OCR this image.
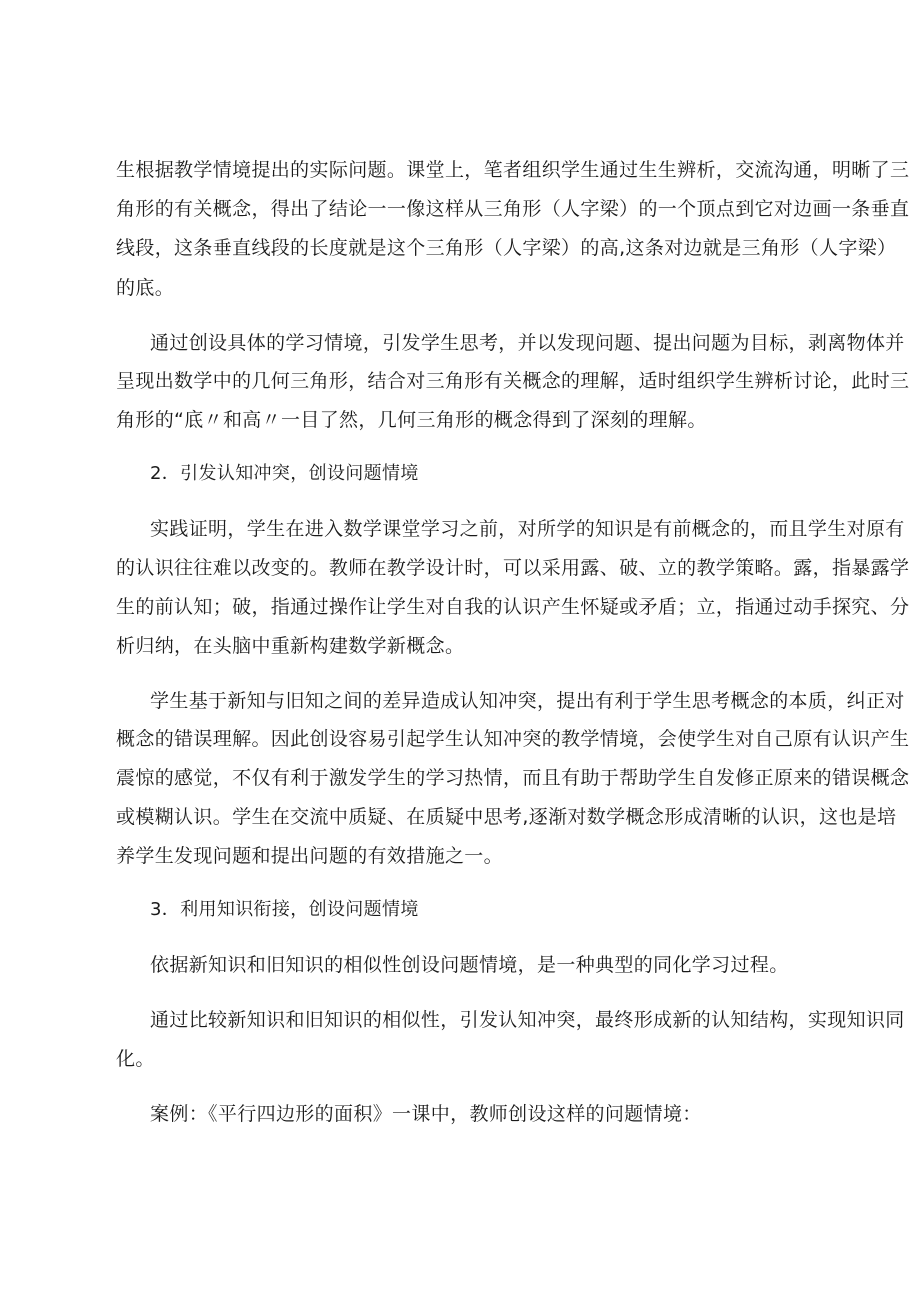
生根据教学情境提出的实际问题。课堂上，笔者组织学生通过生生辨析，交流沟通，明晰了三

角形的有关概念，得出了结论一一像这样从三角形（人字梁）的一个顶点到它对边画一条垂直

线段，这条垂直线段的长度就是这个三角形（人字梁）的高,这条对边就是三角形（人字梁）

的底。

通过创设具体的学习情境，引发学生思考，并以发现问题、提出问题为目标，剥离物体并

呈现出数学中的几何三角形，结合对三角形有关概念的理解，适时组织学生辨析讨论，此时三

角形的“底〃和高〃一目了然，几何三角形的概念得到了深刻的理解。

2．引发认知冲突，创设问题情境

实践证明，学生在进入数学课堂学习之前，对所学的知识是有前概念的，而且学生对原有

的认识往往难以改变的。教师在教学设计时，可以采用露、破、立的教学策略。露，指暴露学

生的前认知；破，指通过操作让学生对自我的认识产生怀疑或矛盾；立，指通过动手探究、分

析归纳，在头脑中重新构建数学新概念。

学生基于新知与旧知之间的差异造成认知冲突，提出有利于学生思考概念的本质，纠正对

概念的错误理解。因此创设容易引起学生认知冲突的教学情境，会使学生对自己原有认识产生

震惊的感觉，不仅有利于激发学生的学习热情，而且有助于帮助学生自发修正原来的错误概念

或模糊认识。学生在交流中质疑、在质疑中思考,逐渐对数学概念形成清晰的认识，这也是培

养学生发现问题和提出问题的有效措施之一。

3．利用知识衔接，创设问题情境

依据新知识和旧知识的相似性创设问题情境，是一种典型的同化学习过程。

通过比较新知识和旧知识的相似性，引发认知冲突，最终形成新的认知结构，实现知识同

化。

案例：《平行四边形的面积》一课中，教师创设这样的问题情境：
